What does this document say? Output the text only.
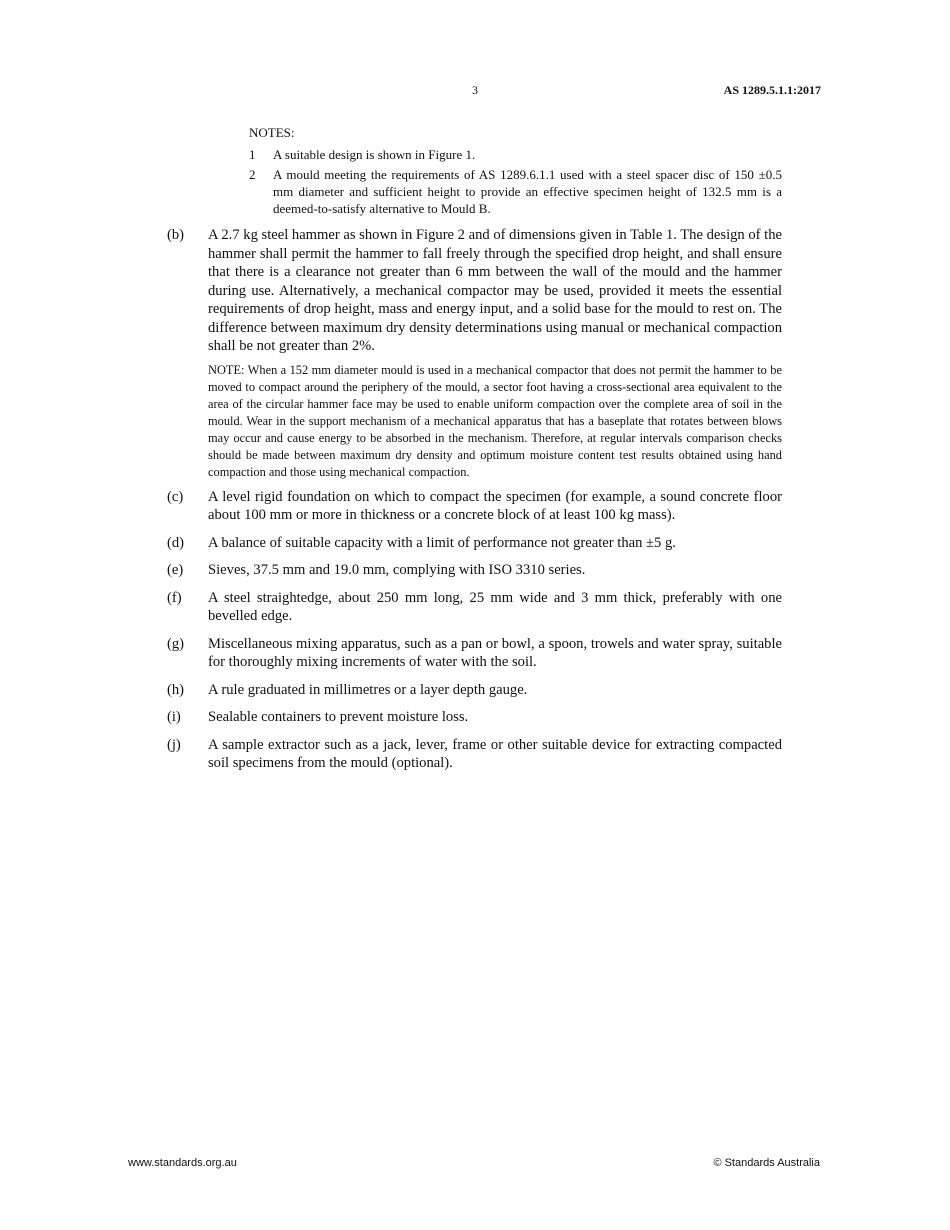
3	AS 1289.5.1.1:2017
NOTES:
1	A suitable design is shown in Figure 1.
2	A mould meeting the requirements of AS 1289.6.1.1 used with a steel spacer disc of 150 ±0.5 mm diameter and sufficient height to provide an effective specimen height of 132.5 mm is a deemed-to-satisfy alternative to Mould B.
(b)	A 2.7 kg steel hammer as shown in Figure 2 and of dimensions given in Table 1. The design of the hammer shall permit the hammer to fall freely through the specified drop height, and shall ensure that there is a clearance not greater than 6 mm between the wall of the mould and the hammer during use. Alternatively, a mechanical compactor may be used, provided it meets the essential requirements of drop height, mass and energy input, and a solid base for the mould to rest on. The difference between maximum dry density determinations using manual or mechanical compaction shall be not greater than 2%.

NOTE: When a 152 mm diameter mould is used in a mechanical compactor that does not permit the hammer to be moved to compact around the periphery of the mould, a sector foot having a cross-sectional area equivalent to the area of the circular hammer face may be used to enable uniform compaction over the complete area of soil in the mould. Wear in the support mechanism of a mechanical apparatus that has a baseplate that rotates between blows may occur and cause energy to be absorbed in the mechanism. Therefore, at regular intervals comparison checks should be made between maximum dry density and optimum moisture content test results obtained using hand compaction and those using mechanical compaction.

(c)	A level rigid foundation on which to compact the specimen (for example, a sound concrete floor about 100 mm or more in thickness or a concrete block of at least 100 kg mass).

(d)	A balance of suitable capacity with a limit of performance not greater than ±5 g.

(e)	Sieves, 37.5 mm and 19.0 mm, complying with ISO 3310 series.

(f)	A steel straightedge, about 250 mm long, 25 mm wide and 3 mm thick, preferably with one bevelled edge.

(g)	Miscellaneous mixing apparatus, such as a pan or bowl, a spoon, trowels and water spray, suitable for thoroughly mixing increments of water with the soil.

(h)	A rule graduated in millimetres or a layer depth gauge.

(i)	Sealable containers to prevent moisture loss.

(j)	A sample extractor such as a jack, lever, frame or other suitable device for extracting compacted soil specimens from the mould (optional).

www.standards.org.au	© Standards Australia
